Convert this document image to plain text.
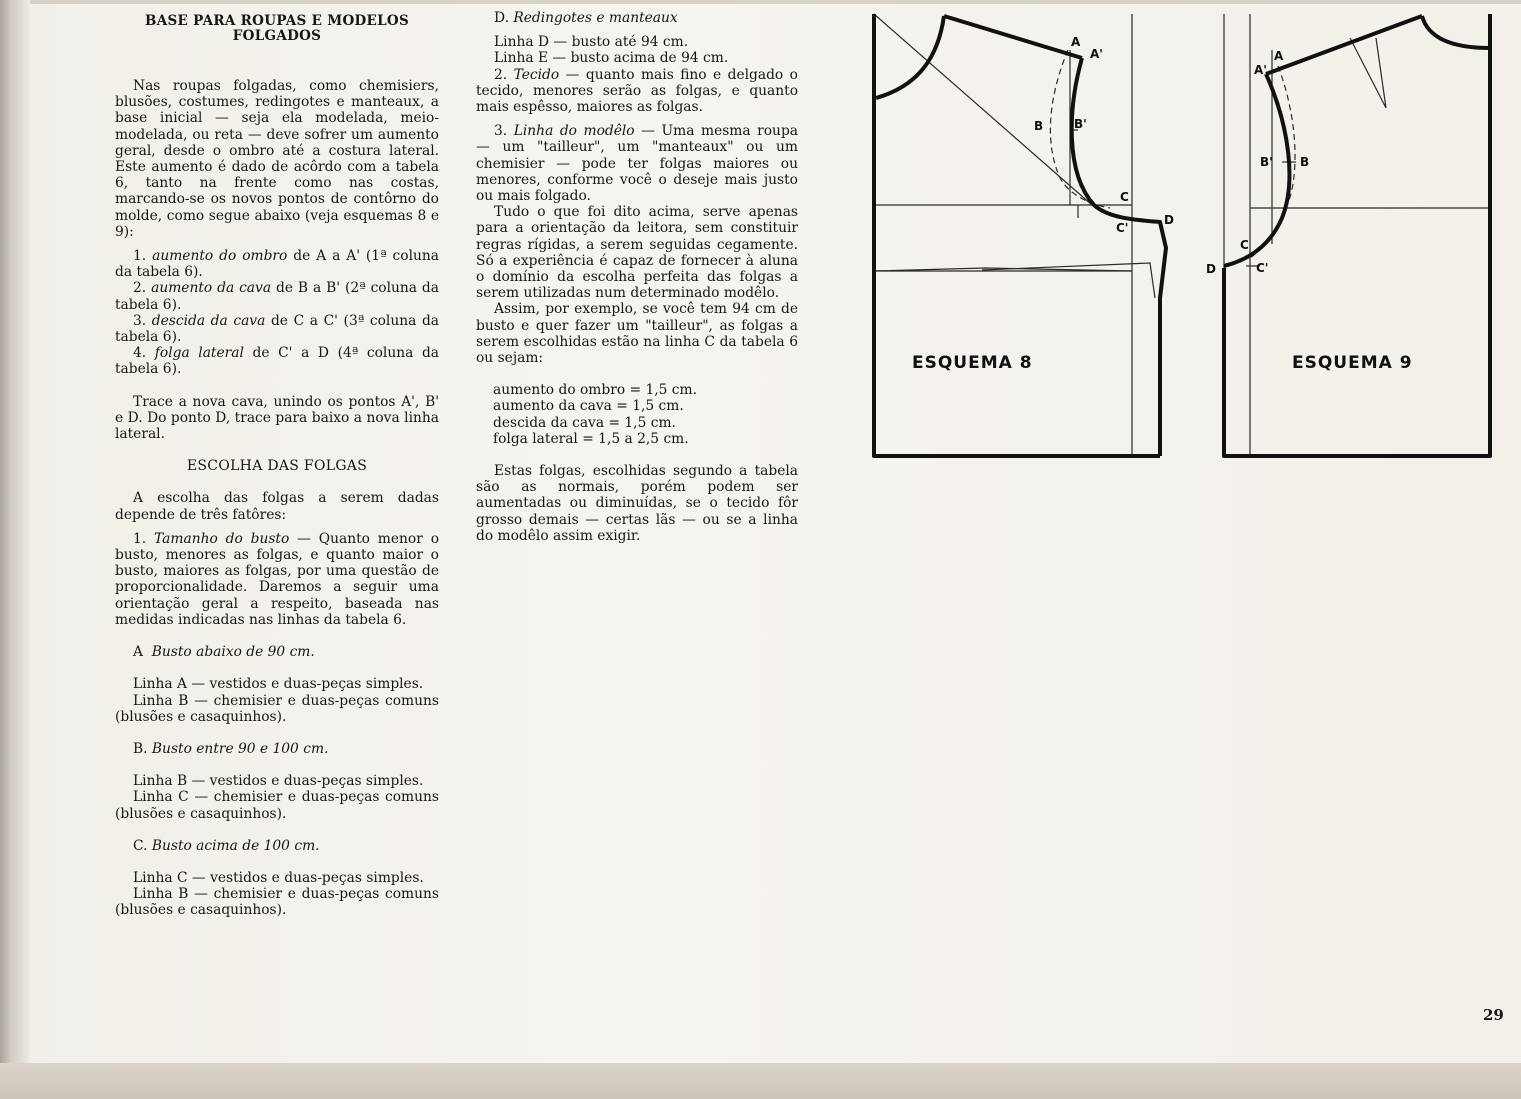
BASE PARA ROUPAS E MODELOS
FOLGADOS
Nas roupas folgadas, como chemisiers, blusões, costumes, redingotes e manteaux, a base inicial — seja ela modelada, meio-modelada, ou reta — deve sofrer um aumento geral, desde o ombro até a costura lateral. Este aumento é dado de acôrdo com a tabela 6, tanto na frente como nas costas, marcando-se os novos pontos de contôrno do molde, como segue abaixo (veja esquemas 8 e 9):
1. aumento do ombro de A a A' (1ª coluna da tabela 6).
2. aumento da cava de B a B' (2ª coluna da tabela 6).
3. descida da cava de C a C' (3ª coluna da tabela 6).
4. folga lateral de C' a D (4ª coluna da tabela 6).
Trace a nova cava, unindo os pontos A', B' e D. Do ponto D, trace para baixo a nova linha lateral.
ESCOLHA DAS FOLGAS
A escolha das folgas a serem dadas depende de três fatôres:
1. Tamanho do busto — Quanto menor o busto, menores as folgas, e quanto maior o busto, maiores as folgas, por uma questão de proporcionalidade. Daremos a seguir uma orientação geral a respeito, baseada nas medidas indicadas nas linhas da tabela 6.
A Busto abaixo de 90 cm.
Linha A — vestidos e duas-peças simples.
Linha B — chemisier e duas-peças comuns (blusões e casaquinhos).
B. Busto entre 90 e 100 cm.
Linha B — vestidos e duas-peças simples.
Linha C — chemisier e duas-peças comuns (blusões e casaquinhos).
C. Busto acima de 100 cm.
Linha C — vestidos e duas-peças simples.
Linha B — chemisier e duas-peças comuns (blusões e casaquinhos).
D. Redingotes e manteaux
Linha D — busto até 94 cm.
Linha E — busto acima de 94 cm.
2. Tecido — quanto mais fino e delgado o tecido, menores serão as folgas, e quanto mais espêsso, maiores as folgas.
3. Linha do modêlo — Uma mesma roupa — um "tailleur", um "manteaux" ou um chemisier — pode ter folgas maiores ou menores, conforme você o deseje mais justo ou mais folgado.
Tudo o que foi dito acima, serve apenas para a orientação da leitora, sem constituir regras rígidas, a serem seguidas cegamente. Só a experiência é capaz de fornecer à aluna o domínio da escolha perfeita das folgas a serem utilizadas num determinado modêlo.
Assim, por exemplo, se você tem 94 cm de busto e quer fazer um "tailleur", as folgas a serem escolhidas estão na linha C da tabela 6 ou sejam:
aumento do ombro = 1,5 cm.
aumento da cava = 1,5 cm.
descida da cava = 1,5 cm.
folga lateral = 1,5 a 2,5 cm.
Estas folgas, escolhidas segundo a tabela são as normais, porém podem ser aumentadas ou diminuídas, se o tecido fôr grosso demais — certas lãs — ou se a linha do modêlo assim exigir.
A
A'
B	B'
C
C'
D
ESQUEMA 8
A
A'
B
B'
C
C'
D
ESQUEMA 9
29
